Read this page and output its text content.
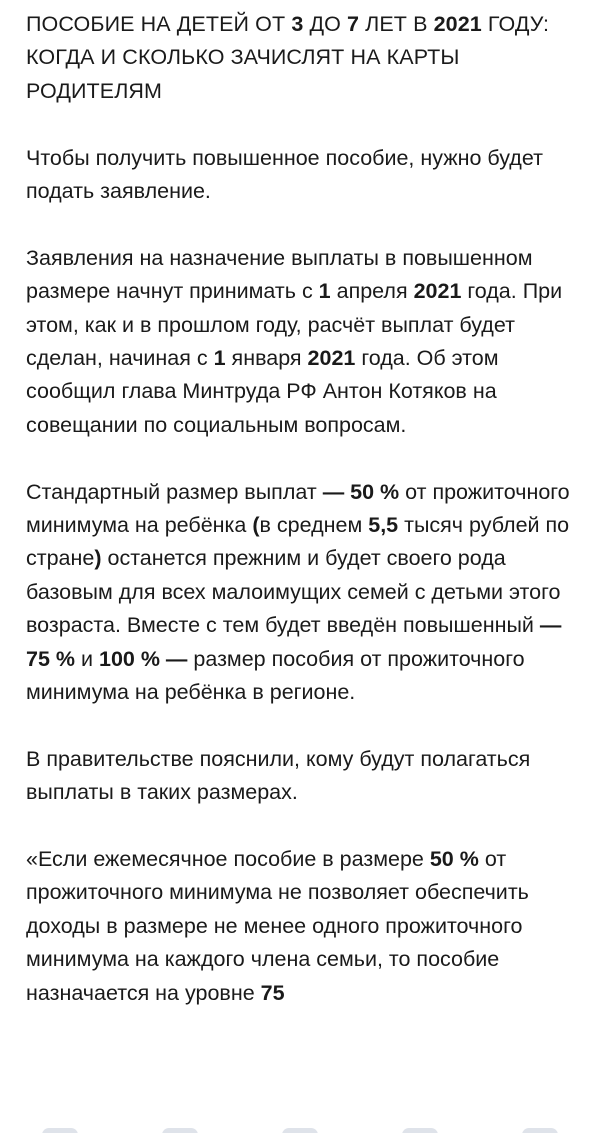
ПОСОБИЕ НА ДЕТЕЙ ОТ 3 ДО 7 ЛЕТ В 2021 ГОДУ: КОГДА И СКОЛЬКО ЗАЧИСЛЯТ НА КАРТЫ РОДИТЕЛЯМ

Чтобы получить повышенное пособие, нужно будет подать заявление.

Заявления на назначение выплаты в повышенном размере начнут принимать с 1 апреля 2021 года. При этом, как и в прошлом году, расчёт выплат будет сделан, начиная с 1 января 2021 года. Об этом сообщил глава Минтруда РФ Антон Котяков на совещании по социальным вопросам.

Стандартный размер выплат — 50 % от прожиточного минимума на ребёнка (в среднем 5,5 тысяч рублей по стране) останется прежним и будет своего рода базовым для всех малоимущих семей с детьми этого возраста. Вместе с тем будет введён повышенный — 75 % и 100 % — размер пособия от прожиточного минимума на ребёнка в регионе.

В правительстве пояснили, кому будут полагаться выплаты в таких размерах.

«Если ежемесячное пособие в размере 50 % от прожиточного минимума не позволяет обеспечить доходы в размере не менее одного прожиточного минимума на каждого члена семьи, то пособие назначается на уровне 75
